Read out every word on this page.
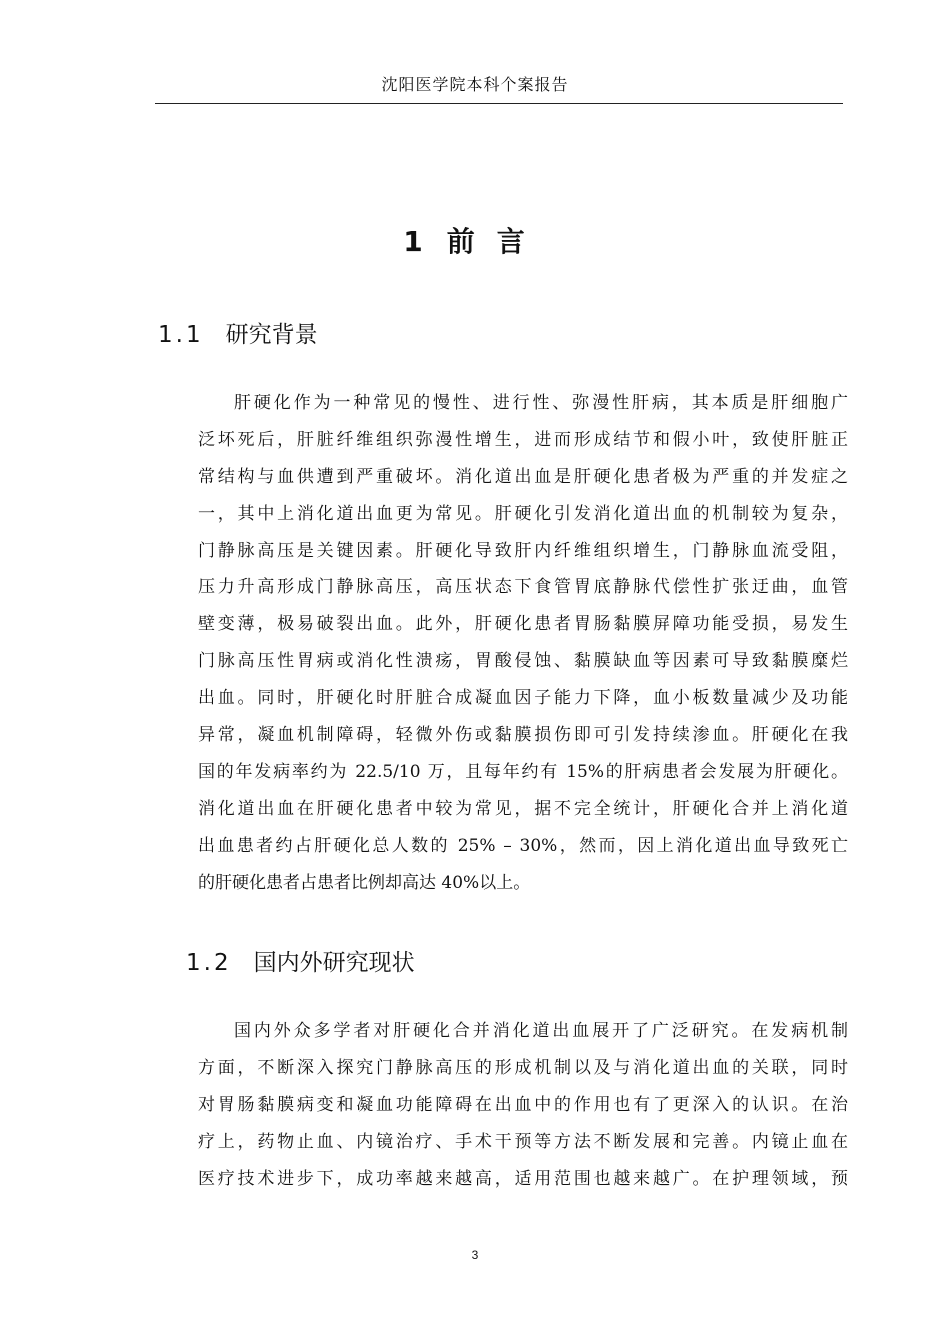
沈阳医学院本科个案报告
1 前言
1.1 研究背景
肝硬化作为一种常见的慢性、进行性、弥漫性肝病，其本质是肝细胞广
泛坏死后，肝脏纤维组织弥漫性增生，进而形成结节和假小叶，致使肝脏正
常结构与血供遭到严重破坏。消化道出血是肝硬化患者极为严重的并发症之
一，其中上消化道出血更为常见。肝硬化引发消化道出血的机制较为复杂，
门静脉高压是关键因素。肝硬化导致肝内纤维组织增生，门静脉血流受阻，
压力升高形成门静脉高压，高压状态下食管胃底静脉代偿性扩张迂曲，血管
壁变薄，极易破裂出血。此外，肝硬化患者胃肠黏膜屏障功能受损，易发生
门脉高压性胃病或消化性溃疡，胃酸侵蚀、黏膜缺血等因素可导致黏膜糜烂
出血。同时，肝硬化时肝脏合成凝血因子能力下降，血小板数量减少及功能
异常，凝血机制障碍，轻微外伤或黏膜损伤即可引发持续渗血。肝硬化在我
国的年发病率约为 22.5/10 万，且每年约有 15%的肝病患者会发展为肝硬化。
消化道出血在肝硬化患者中较为常见，据不完全统计，肝硬化合并上消化道
出血患者约占肝硬化总人数的 25% – 30%，然而，因上消化道出血导致死亡
的肝硬化患者占患者比例却高达 40%以上。
1.2 国内外研究现状
国内外众多学者对肝硬化合并消化道出血展开了广泛研究。在发病机制
方面，不断深入探究门静脉高压的形成机制以及与消化道出血的关联，同时
对胃肠黏膜病变和凝血功能障碍在出血中的作用也有了更深入的认识。在治
疗上，药物止血、内镜治疗、手术干预等方法不断发展和完善。内镜止血在
医疗技术进步下，成功率越来越高，适用范围也越来越广。在护理领域，预
3
